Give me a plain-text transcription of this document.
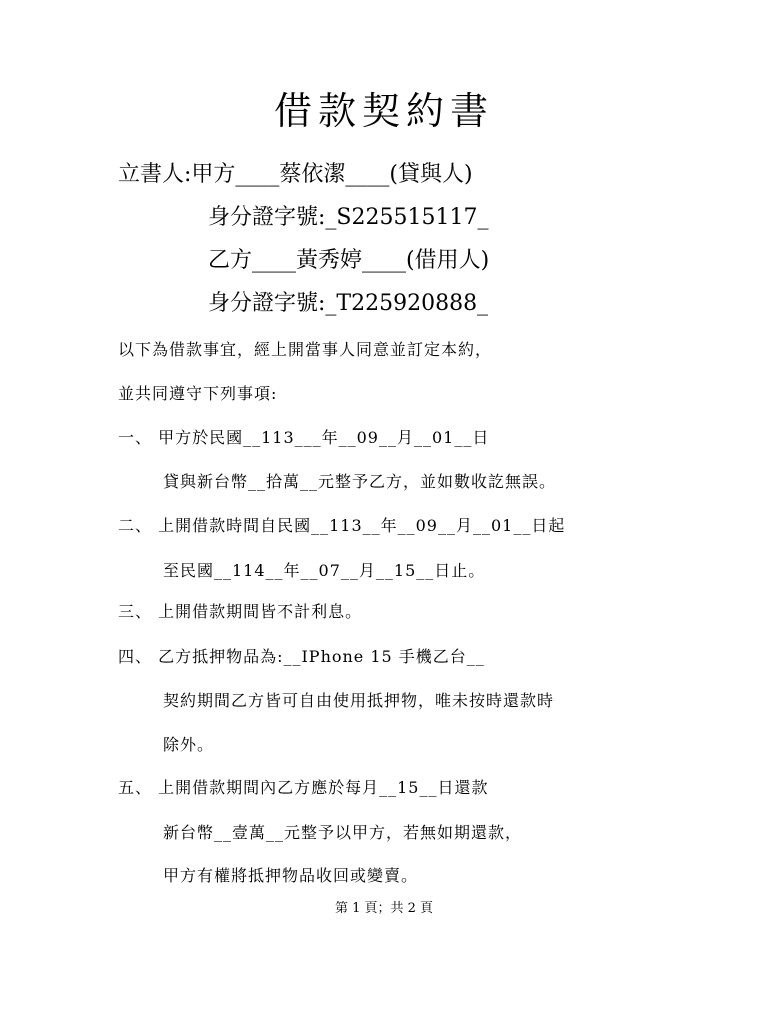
借款契約書
立書人:甲方____蔡依潔____(貸與人)
身分證字號:_S225515117_
乙方____黃秀婷____(借用人)
身分證字號:_T225920888_
以下為借款事宜，經上開當事人同意並訂定本約，
並共同遵守下列事項:
一、 甲方於民國__113___年__09__月__01__日
貸與新台幣__拾萬__元整予乙方，並如數收訖無誤。
二、 上開借款時間自民國__113__年__09__月__01__日起
至民國__114__年__07__月__15__日止。
三、 上開借款期間皆不計利息。
四、 乙方抵押物品為:__IPhone 15 手機乙台__
契約期間乙方皆可自由使用抵押物，唯未按時還款時
除外。
五、 上開借款期間內乙方應於每月__15__日還款
新台幣__壹萬__元整予以甲方，若無如期還款，
甲方有權將抵押物品收回或變賣。
第 1 頁；共 2 頁
